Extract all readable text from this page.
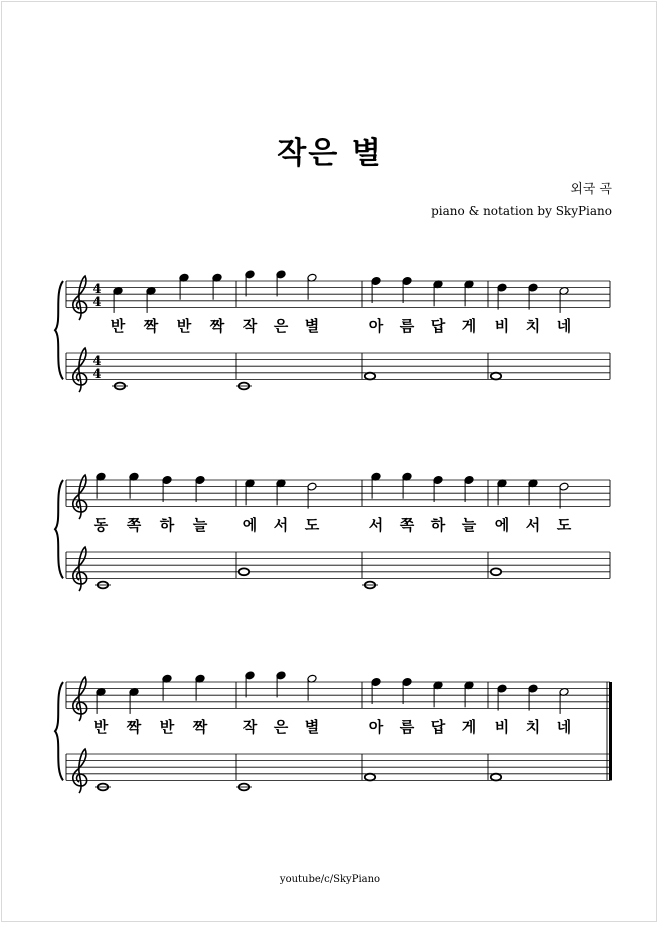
작은 별
외국 곡
piano & notation by SkyPiano
4
4
4
4
반 짝 반 짝 작 은 별	아 름 답 게 비 치 네
동 쪽 하 늘 에 서 도	서 쪽 하 늘 에 서 도
반 짝 반 짝 작 은 별	아 름 답 게 비 치 네
youtube/c/SkyPiano
